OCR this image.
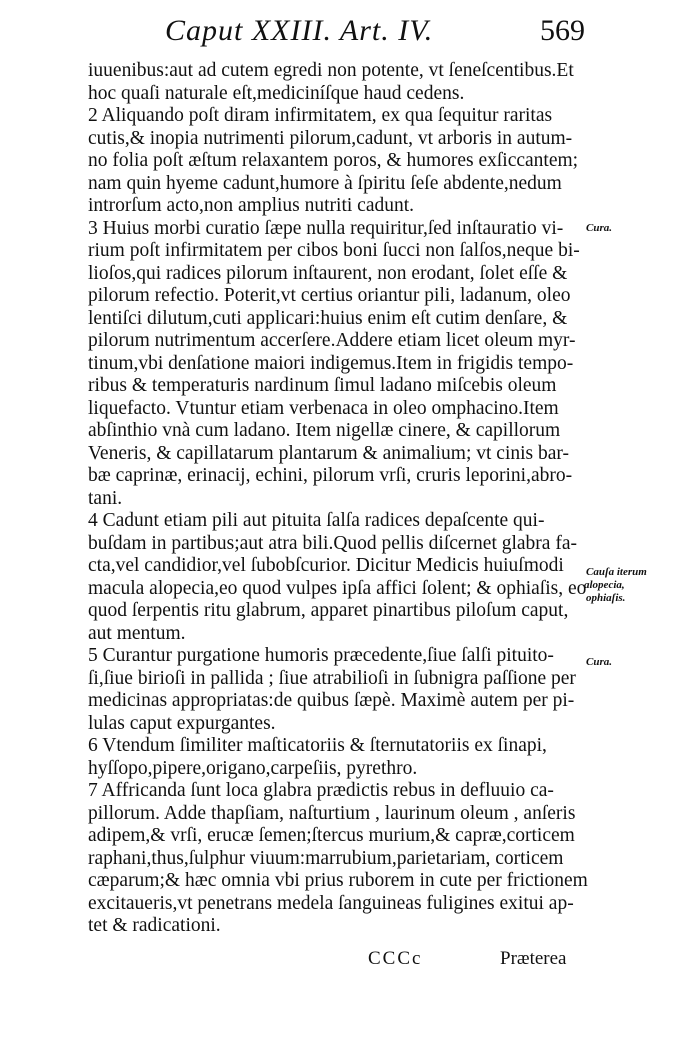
Caput XXIII. Art. IV.	569
iuuenibus:aut ad cutem egredi non potente, vt ſeneſcentibus.Et
hoc quaſi naturale eſt,mediciníſque haud cedens.
2 Aliquando poſt diram infirmitatem, ex qua ſequitur raritas
cutis,& inopia nutrimenti pilorum,cadunt, vt arboris in autum-
no folia poſt æſtum relaxantem poros, & humores exſiccantem;
nam quin hyeme cadunt,humore à ſpiritu ſeſe abdente,nedum
introrſum acto,non amplius nutriti cadunt.
3 Huius morbi curatio ſæpe nulla requiritur,ſed inſtauratio vi-
rium poſt infirmitatem per cibos boni ſucci non ſalſos,neque bi-
lioſos,qui radices pilorum inſtaurent, non erodant, ſolet eſſe &
pilorum refectio. Poterit,vt certius oriantur pili, ladanum, oleo
lentiſci dilutum,cuti applicari:huius enim eſt cutim denſare, &
pilorum nutrimentum accerſere.Addere etiam licet oleum myr-
tinum,vbi denſatione maiori indigemus.Item in frigidis tempo-
ribus & temperaturis nardinum ſimul ladano miſcebis oleum
liquefacto. Vtuntur etiam verbenaca in oleo omphacino.Item
abſinthio vnà cum ladano. Item nigellæ cinere, & capillorum
Veneris, & capillatarum plantarum & animalium; vt cinis bar-
bæ caprinæ, erinacij, echini, pilorum vrſi, cruris leporini,abro-
tani.
4 Cadunt etiam pili aut pituita ſalſa radices depaſcente qui-
buſdam in partibus;aut atra bili.Quod pellis diſcernet glabra fa-
cta,vel candidior,vel ſubobſcurior. Dicitur Medicis huiuſmodi
macula alopecia,eo quod vulpes ipſa affici ſolent; & ophiaſis, eo
quod ſerpentis ritu glabrum, apparet pinartibus piloſum caput,
aut mentum.
5 Curantur purgatione humoris præcedente,ſiue ſalſi pituito-
ſi,ſiue birioſi in pallida ; ſiue atrabilioſi in ſubnigra paſſione per
medicinas appropriatas:de quibus ſæpè. Maximè autem per pi-
lulas caput expurgantes.
6 Vtendum ſimiliter maſticatoriis & ſternutatoriis ex ſinapi,
hyſſopo,pipere,origano,carpeſiis, pyrethro.
7 Affricanda ſunt loca glabra prædictis rebus in defluuio ca-
pillorum. Adde thapſiam, naſturtium , laurinum oleum , anſeris
adipem,& vrſi, erucæ ſemen;ſtercus murium,& capræ,corticem
raphani,thus,ſulphur viuum:marrubium,parietariam, corticem
cæparum;& hæc omnia vbi prius ruborem in cute per frictionem
excitaueris,vt penetrans medela ſanguineas fuligines exitui ap-
tet & radicationi.
Cura.
Cauſa iterum
alopecia,
ophiaſis.
Cura.
CCCc	Præterea
